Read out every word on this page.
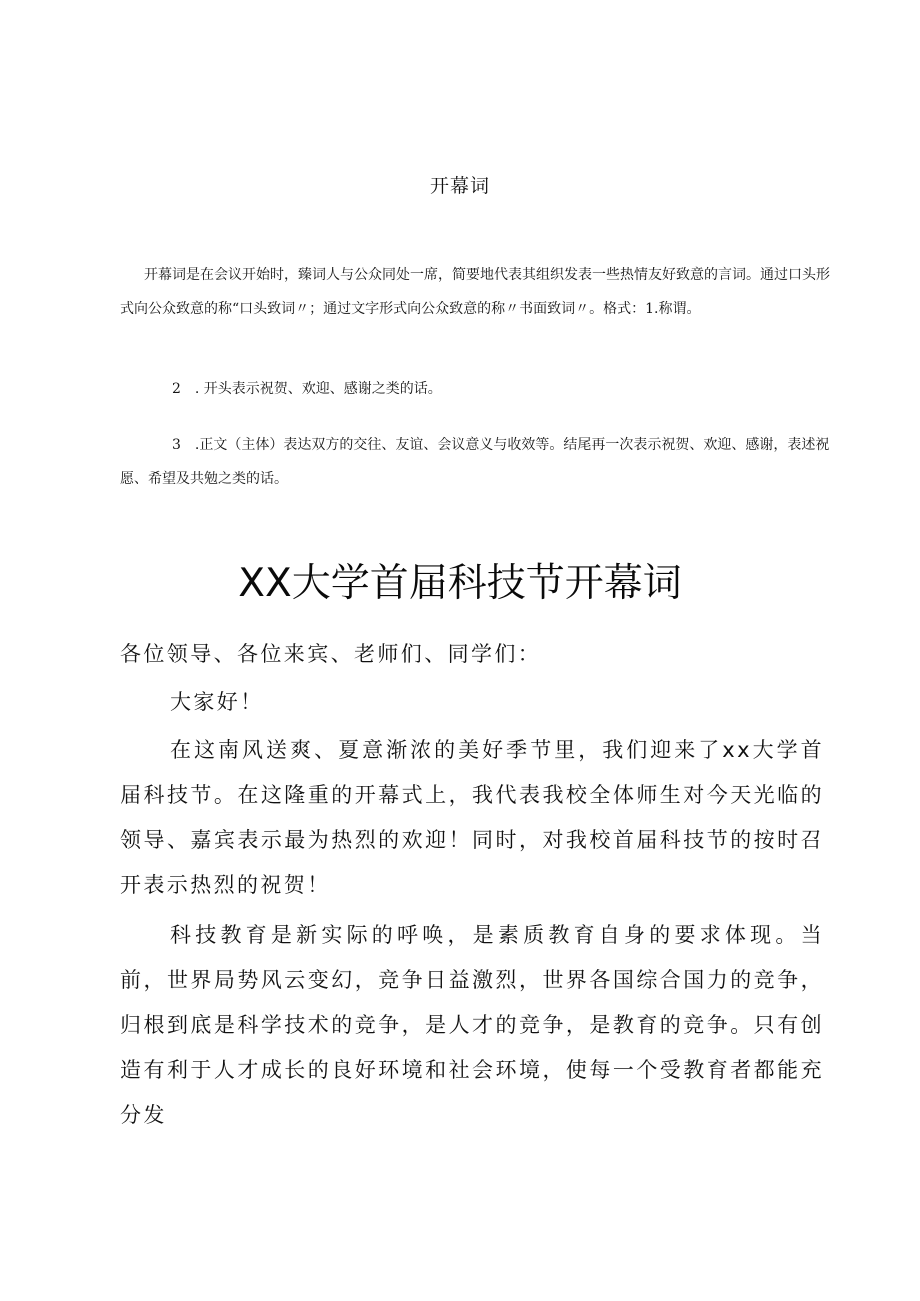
开幕词
开幕词是在会议开始时，臻词人与公众同处一席，简要地代表其组织发表一些热情友好致意的言词。通过口头形式向公众致意的称“口头致词〃；通过文字形式向公众致意的称〃书面致词〃。格式：1.称谓。
2　. 开头表示祝贺、欢迎、感谢之类的话。
3　.正文（主体）表达双方的交往、友谊、会议意义与收效等。结尾再一次表示祝贺、欢迎、感谢，表述祝愿、希望及共勉之类的话。
XX大学首届科技节开幕词
各位领导、各位来宾、老师们、同学们：
大家好！
在这南风送爽、夏意渐浓的美好季节里，我们迎来了xx大学首届科技节。在这隆重的开幕式上，我代表我校全体师生对今天光临的领导、嘉宾表示最为热烈的欢迎！同时，对我校首届科技节的按时召开表示热烈的祝贺！
科技教育是新实际的呼唤，是素质教育自身的要求体现。当前，世界局势风云变幻，竞争日益激烈，世界各国综合国力的竞争，归根到底是科学技术的竞争，是人才的竞争，是教育的竞争。只有创造有利于人才成长的良好环境和社会环境，使每一个受教育者都能充分发
